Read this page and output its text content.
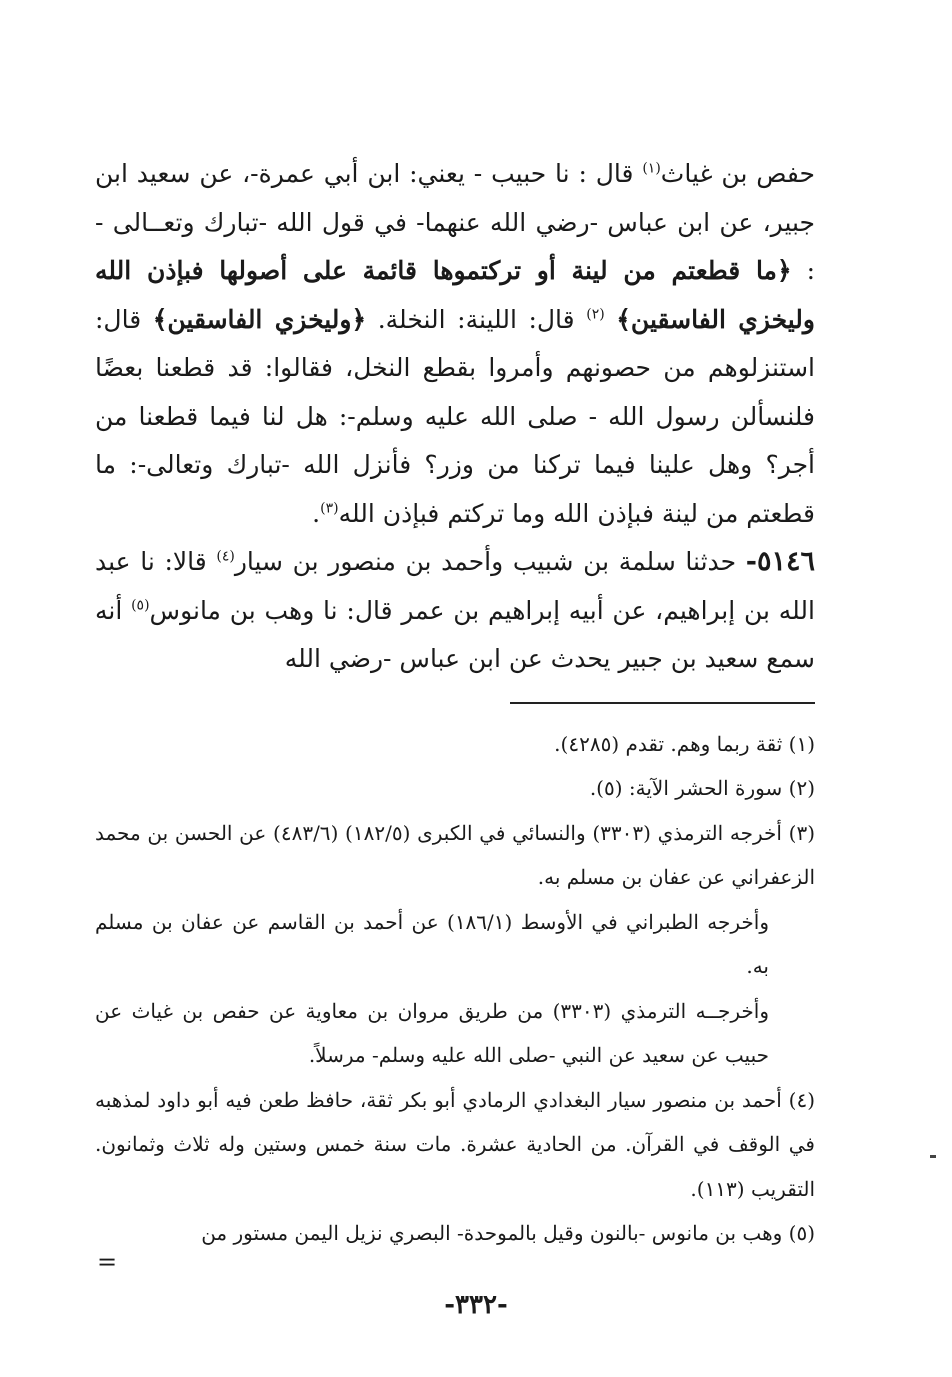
حفص بن غياث$^{(١)}$ قال : نا حبيب - يعني: ابن أبي عمرة-، عن سعيد ابن جبير، عن ابن عباس -رضي الله عنهما- في قول الله -تبارك وتعــالى - : ﴿ما قطعتم من لينة أو تركتموها قائمة على أصولها فبإذن الله وليخزي الفاسقين﴾ $^{(٢)}$ قال: اللينة: النخلة. ﴿وليخزي الفاسقين﴾ قال: استنزلوهم من حصونهم وأمروا بقطع النخل، فقالوا: قد قطعنا بعضًا فلنسألن رسول الله - صلى الله عليه وسلم-: هل لنا فيما قطعنا من أجر؟ وهل علينا فيما تركنا من وزر؟ فأنزل الله -تبارك وتعالى-: ما قطعتم من لينة فبإذن الله وما تركتم فبإذن الله$^{(٣)}$.

٥١٤٦- حدثنا سلمة بن شبيب وأحمد بن منصور بن سيار$^{(٤)}$ قالا: نا عبد الله بن إبراهيم، عن أبيه إبراهيم بن عمر قال: نا وهب بن مانوس$^{(٥)}$ أنه سمع سعيد بن جبير يحدث عن ابن عباس -رضي الله

(١) ثقة ربما وهم. تقدم (٤٢٨٥).

(٢) سورة الحشر الآية: (٥).

(٣) أخرجه الترمذي (٣٣٠٣) والنسائي في الكبرى (١٨٢/٥) (٤٨٣/٦) عن الحسن بن محمد الزعفراني عن عفان بن مسلم به.

وأخرجه الطبراني في الأوسط (١٨٦/١) عن أحمد بن القاسم عن عفان بن مسلم به.

وأخرجــه الترمذي (٣٣٠٣) من طريق مروان بن معاوية عن حفص بن غياث عن حبيب عن سعيد عن النبي -صلى الله عليه وسلم- مرسلاً.

(٤) أحمد بن منصور سيار البغدادي الرمادي أبو بكر ثقة، حافظ طعن فيه أبو داود لمذهبه في الوقف في القرآن. من الحادية عشرة. مات سنة خمس وستين وله ثلاث وثمانون. التقريب (١١٣).

(٥) وهب بن مانوس -بالنون وقيل بالموحدة- البصري نزيل اليمن مستور من

=
-٣٣٢-
